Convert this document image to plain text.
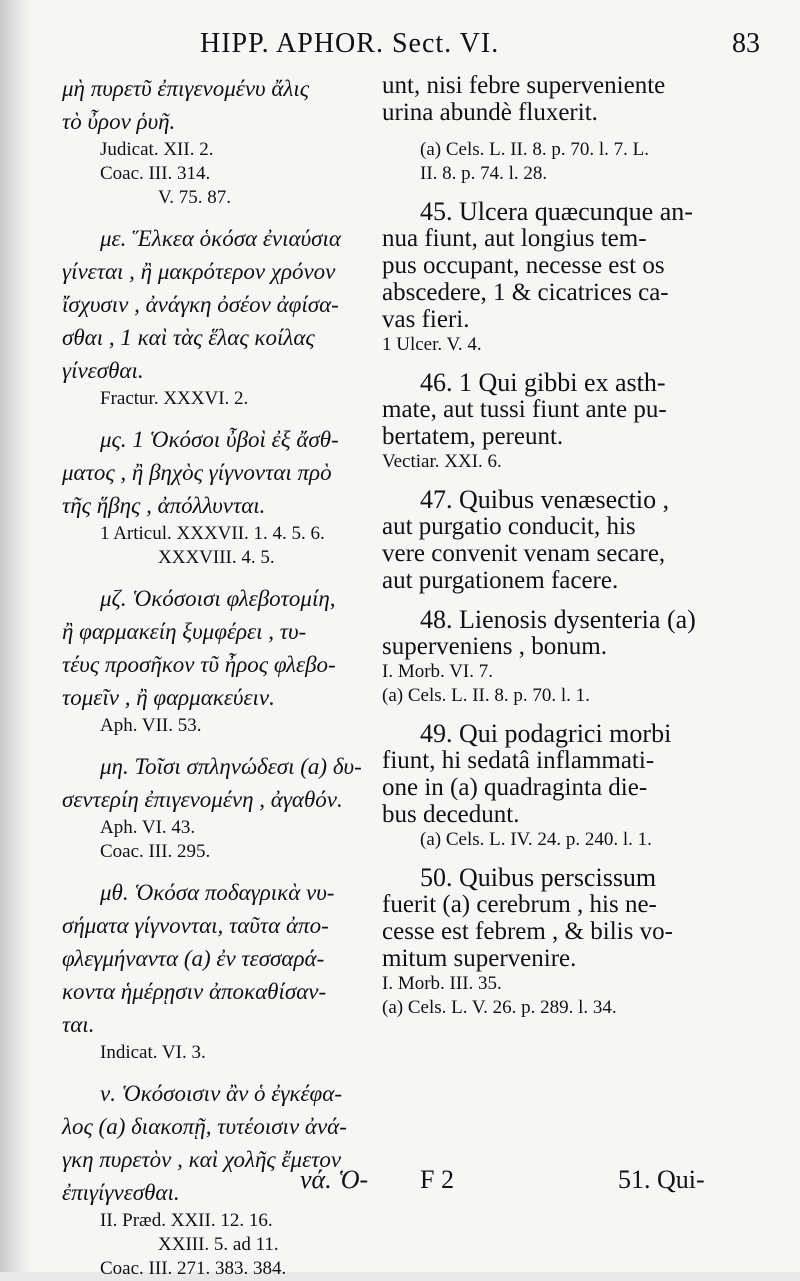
HIPP. APHOR. Sect. VI.	83
μὴ πυρετῦ ἐπιγενομένυ ἄλις
τὸ ὖρον ῥυῆ.
Judicat. XII. 2.
Coac. III. 314.
V. 75. 87.
με. Ἕλκεα ὁκόσα ἐνιαύσια
γίνεται , ἢ μακρότερον χρόνον
ἴσχυσιν , ἀνάγκη ὀσέον ἀφίσα-
σθαι , 1 καὶ τὰς ἕλας κοίλας
γίνεσθαι.
Fractur. XXXVI. 2.
μς. 1 Ὁκόσοι ὖβοὶ ἐξ ἄσθ-
ματος , ἢ βηχὸς γίγνονται πρὸ
τῆς ἥβης , ἀπόλλυνται.
1 Articul. XXXVII. 1. 4. 5. 6.
XXXVIII. 4. 5.
μζ. Ὁκόσοισι φλεβοτομίη,
ἢ φαρμακείη ξυμφέρει , τυ-
τέυς προσῆκον τῦ ἦρος φλεβο-
τομεῖν , ἢ φαρμακεύειν.
Aph. VII. 53.
μη. Τοῖσι σπληνώδεσι (a) δυ-
σεντερίη ἐπιγενομένη , ἀγαθόν.
Aph. VI. 43.
Coac. III. 295.
μθ. Ὁκόσα ποδαγρικὰ νυ-
σήματα γίγνονται, ταῦτα ἀπο-
φλεγμήναντα (a) ἐν τεσσαρά-
κοντα ἡμέρῃσιν ἀποκαθίσαν-
ται.
Indicat. VI. 3.
ν. Ὁκόσοισιν ἂν ὁ ἐγκέφα-
λος (a) διακοπῇ, τυτέοισιν ἀνά-
γκη πυρετὸν , καὶ χολῆς ἔμετον
ἐπιγίγνεσθαι.
II. Præd. XXII. 12. 16.
XXIII. 5. ad 11.
Coac. III. 271. 383. 384.
unt, nisi febre superveniente
urina abundè fluxerit.
(a) Cels. L. II. 8. p. 70. l. 7. L.
II. 8. p. 74. l. 28.
45. Ulcera quæcunque an-
nua fiunt, aut longius tem-
pus occupant, necesse est os
abscedere, 1 & cicatrices ca-
vas fieri.
1 Ulcer. V. 4.
46. 1 Qui gibbi ex asth-
mate, aut tussi fiunt ante pu-
bertatem, pereunt.
Vectiar. XXI. 6.
47. Quibus venæsectio ,
aut purgatio conducit, his
vere convenit venam secare,
aut purgationem facere.
48. Lienosis dysenteria (a)
superveniens , bonum.
I. Morb. VI. 7.
(a) Cels. L. II. 8. p. 70. l. 1.
49. Qui podagrici morbi
fiunt, hi sedatâ inflammati-
one in (a) quadraginta die-
bus decedunt.
(a) Cels. L. IV. 24. p. 240. l. 1.
50. Quibus perscissum
fuerit (a) cerebrum , his ne-
cesse est febrem , & bilis vo-
mitum supervenire.
I. Morb. III. 35.
(a) Cels. L. V. 26. p. 289. l. 34.
νά. Ὁ- F 2	51. Qui-
